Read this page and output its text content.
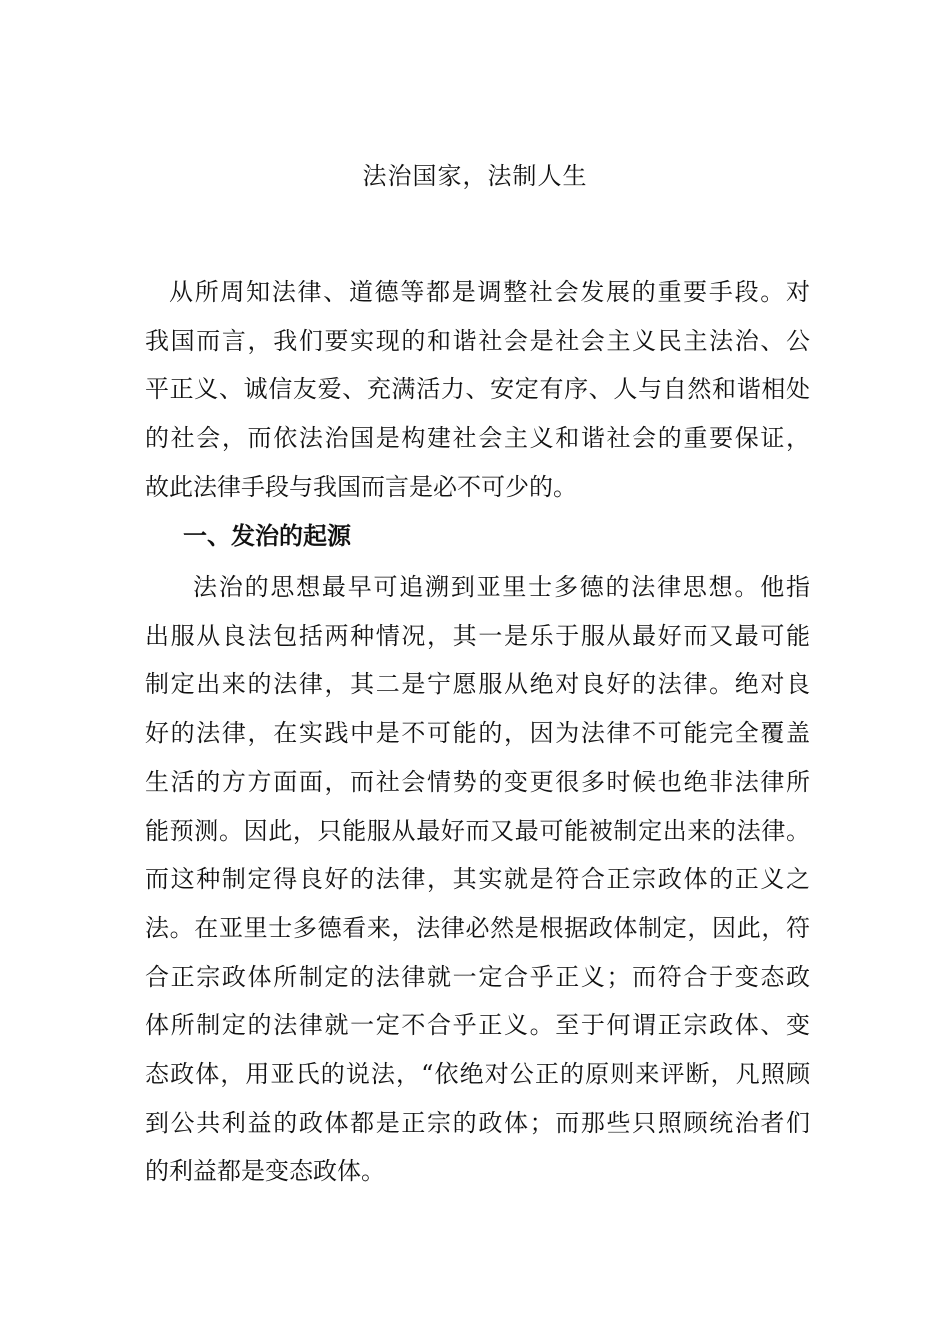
法治国家，法制人生

从所周知法律、道德等都是调整社会发展的重要手段。对
我国而言，我们要实现的和谐社会是社会主义民主法治、公
平正义、诚信友爱、充满活力、安定有序、人与自然和谐相处
的社会，而依法治国是构建社会主义和谐社会的重要保证，
故此法律手段与我国而言是必不可少的。

一、发治的起源

法治的思想最早可追溯到亚里士多德的法律思想。他指
出服从良法包括两种情况，其一是乐于服从最好而又最可能
制定出来的法律，其二是宁愿服从绝对良好的法律。绝对良
好的法律，在实践中是不可能的，因为法律不可能完全覆盖
生活的方方面面，而社会情势的变更很多时候也绝非法律所
能预测。因此，只能服从最好而又最可能被制定出来的法律。
而这种制定得良好的法律，其实就是符合正宗政体的正义之
法。在亚里士多德看来，法律必然是根据政体制定，因此，符
合正宗政体所制定的法律就一定合乎正义；而符合于变态政
体所制定的法律就一定不合乎正义。至于何谓正宗政体、变
态政体，用亚氏的说法，“依绝对公正的原则来评断，凡照顾
到公共利益的政体都是正宗的政体；而那些只照顾统治者们
的利益都是变态政体。
